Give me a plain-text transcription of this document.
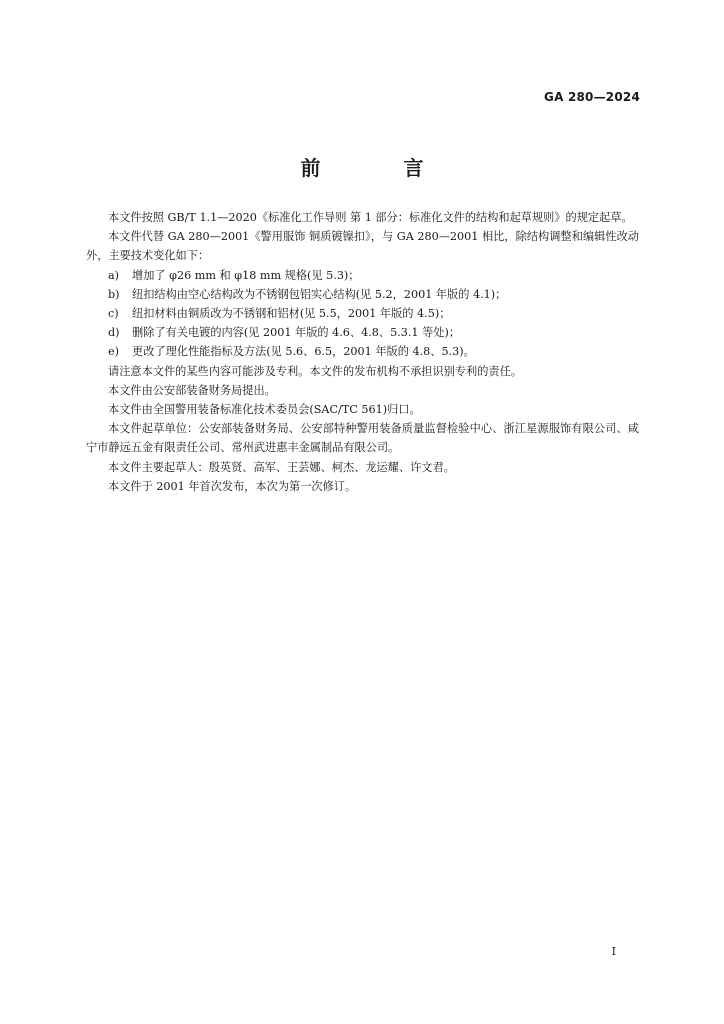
GA 280—2024
前 言

本文件按照 GB/T 1.1—2020《标准化工作导则 第 1 部分：标准化文件的结构和起草规则》的规定起草。

本文件代替 GA 280—2001《警用服饰 铜质镀镍扣》，与 GA 280—2001 相比，除结构调整和编辑性改动外，主要技术变化如下：

a) 增加了 φ26 mm 和 φ18 mm 规格(见 5.3)；

b) 纽扣结构由空心结构改为不锈钢包铝实心结构(见 5.2，2001 年版的 4.1)；

c) 纽扣材料由铜质改为不锈钢和铝材(见 5.5，2001 年版的 4.5)；

d) 删除了有关电镀的内容(见 2001 年版的 4.6、4.8、5.3.1 等处)；

e) 更改了理化性能指标及方法(见 5.6、6.5，2001 年版的 4.8、5.3)。

请注意本文件的某些内容可能涉及专利。本文件的发布机构不承担识别专利的责任。

本文件由公安部装备财务局提出。

本文件由全国警用装备标准化技术委员会(SAC/TC 561)归口。

本文件起草单位：公安部装备财务局、公安部特种警用装备质量监督检验中心、浙江星源服饰有限公司、咸宁市静远五金有限责任公司、常州武进惠丰金属制品有限公司。

本文件主要起草人：殷英贤、高军、王芸娜、柯杰、龙运耀、许文君。

本文件于 2001 年首次发布，本次为第一次修订。

I
